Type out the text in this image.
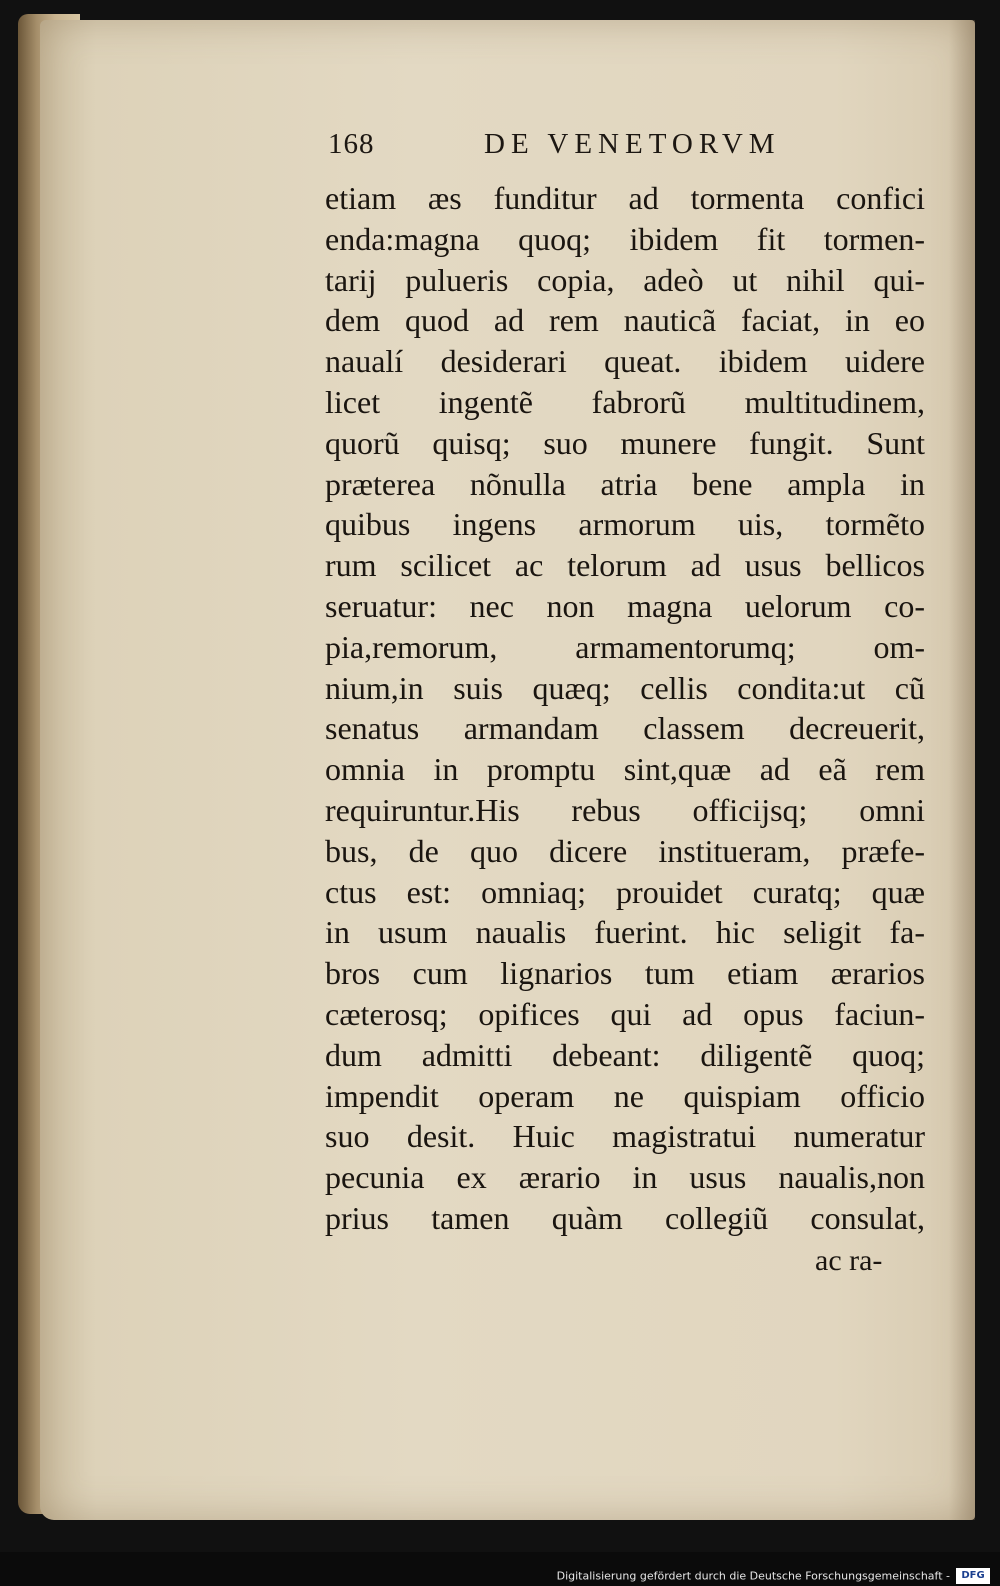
168	DE VENETORVM
etiam æs funditur ad tormenta confici
enda:magna quoq; ibidem fit tormen-
tarij pulueris copia, adeò ut nihil qui-
dem quod ad rem nauticã faciat, in eo
naualí desiderari queat. ibidem uidere
licet ingentẽ fabrorũ multitudinem,
quorũ quisq; suo munere fungit. Sunt
præterea nõnulla atria bene ampla in
quibus ingens armorum uis, tormẽto
rum scilicet ac telorum ad usus bellicos
seruatur: nec non magna uelorum co-
pia,remorum, armamentorumq; om-
nium,in suis quæq; cellis condita:ut cũ
senatus armandam classem decreuerit,
omnia in promptu sint,quæ ad eã rem
requiruntur.His rebus officijsq; omni
bus, de quo dicere institueram, præfe-
ctus est: omniaq; prouidet curatq; quæ
in usum naualis fuerint. hic seligit fa-
bros cum lignarios tum etiam ærarios
cæterosq; opifices qui ad opus faciun-
dum admitti debeant: diligentẽ quoq;
impendit operam ne quispiam officio
suo desit. Huic magistratui numeratur
pecunia ex ærario in usus naualis,non
prius tamen quàm collegiũ consulat,
ac ra-
Digitalisierung gefördert durch die Deutsche Forschungsgemeinschaft -	DFG
